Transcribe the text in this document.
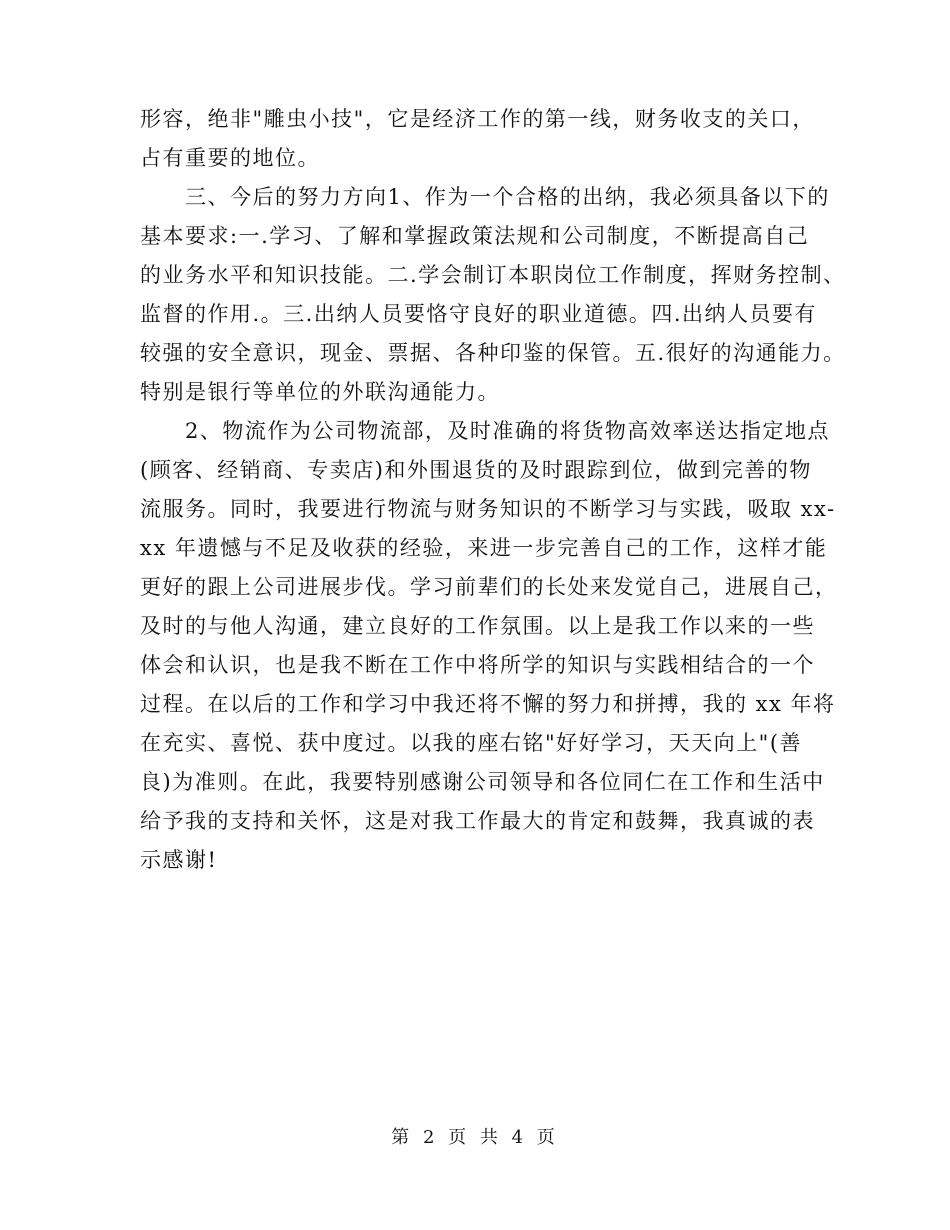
形容，绝非"雕虫小技"，它是经济工作的第一线，财务收支的关口，
占有重要的地位。
三、今后的努力方向1、作为一个合格的出纳，我必须具备以下的
基本要求:一.学习、了解和掌握政策法规和公司制度，不断提高自己
的业务水平和知识技能。二.学会制订本职岗位工作制度，挥财务控制、
监督的作用.。三.出纳人员要恪守良好的职业道德。四.出纳人员要有
较强的安全意识，现金、票据、各种印鉴的保管。五.很好的沟通能力。
特别是银行等单位的外联沟通能力。
2、物流作为公司物流部，及时准确的将货物高效率送达指定地点
(顾客、经销商、专卖店)和外围退货的及时跟踪到位，做到完善的物
流服务。同时，我要进行物流与财务知识的不断学习与实践，吸取 xx-
xx 年遗憾与不足及收获的经验，来进一步完善自己的工作，这样才能
更好的跟上公司进展步伐。学习前辈们的长处来发觉自己，进展自己，
及时的与他人沟通，建立良好的工作氛围。以上是我工作以来的一些
体会和认识，也是我不断在工作中将所学的知识与实践相结合的一个
过程。在以后的工作和学习中我还将不懈的努力和拼搏，我的 xx 年将
在充实、喜悦、获中度过。以我的座右铭"好好学习，天天向上"(善
良)为准则。在此，我要特别感谢公司领导和各位同仁在工作和生活中
给予我的支持和关怀，这是对我工作最大的肯定和鼓舞，我真诚的表
示感谢!
第 2 页 共 4 页
